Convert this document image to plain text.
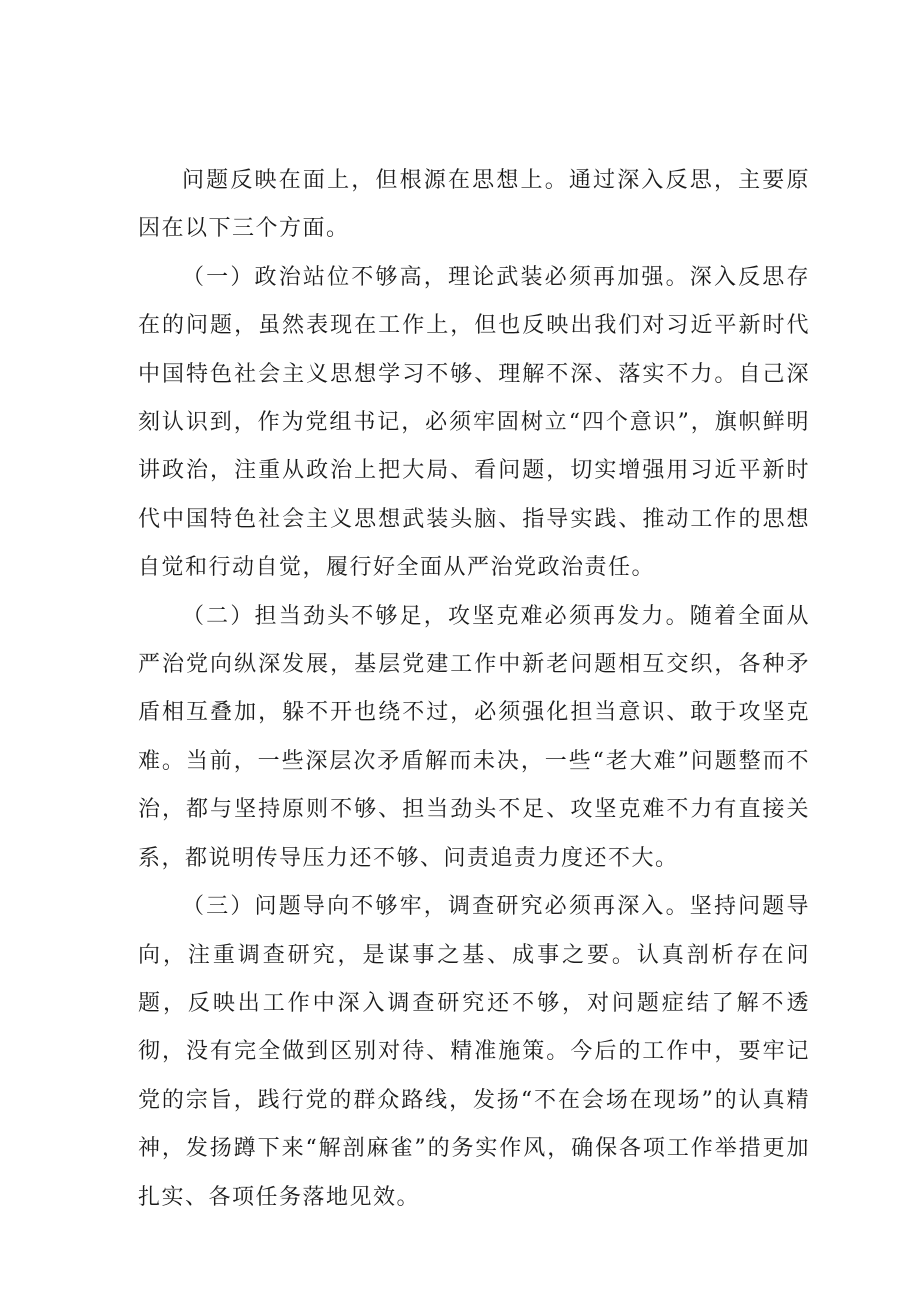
问题反映在面上，但根源在思想上。通过深入反思，主要原因在以下三个方面。

（一）政治站位不够高，理论武装必须再加强。深入反思存在的问题，虽然表现在工作上，但也反映出我们对习近平新时代中国特色社会主义思想学习不够、理解不深、落实不力。自己深刻认识到，作为党组书记，必须牢固树立“四个意识”，旗帜鲜明讲政治，注重从政治上把大局、看问题，切实增强用习近平新时代中国特色社会主义思想武装头脑、指导实践、推动工作的思想自觉和行动自觉，履行好全面从严治党政治责任。

（二）担当劲头不够足，攻坚克难必须再发力。随着全面从严治党向纵深发展，基层党建工作中新老问题相互交织，各种矛盾相互叠加，躲不开也绕不过，必须强化担当意识、敢于攻坚克难。当前，一些深层次矛盾解而未决，一些“老大难”问题整而不治，都与坚持原则不够、担当劲头不足、攻坚克难不力有直接关系，都说明传导压力还不够、问责追责力度还不大。

（三）问题导向不够牢，调查研究必须再深入。坚持问题导向，注重调查研究，是谋事之基、成事之要。认真剖析存在问题，反映出工作中深入调查研究还不够，对问题症结了解不透彻，没有完全做到区别对待、精准施策。今后的工作中，要牢记党的宗旨，践行党的群众路线，发扬“不在会场在现场”的认真精神，发扬蹲下来“解剖麻雀”的务实作风，确保各项工作举措更加扎实、各项任务落地见效。
